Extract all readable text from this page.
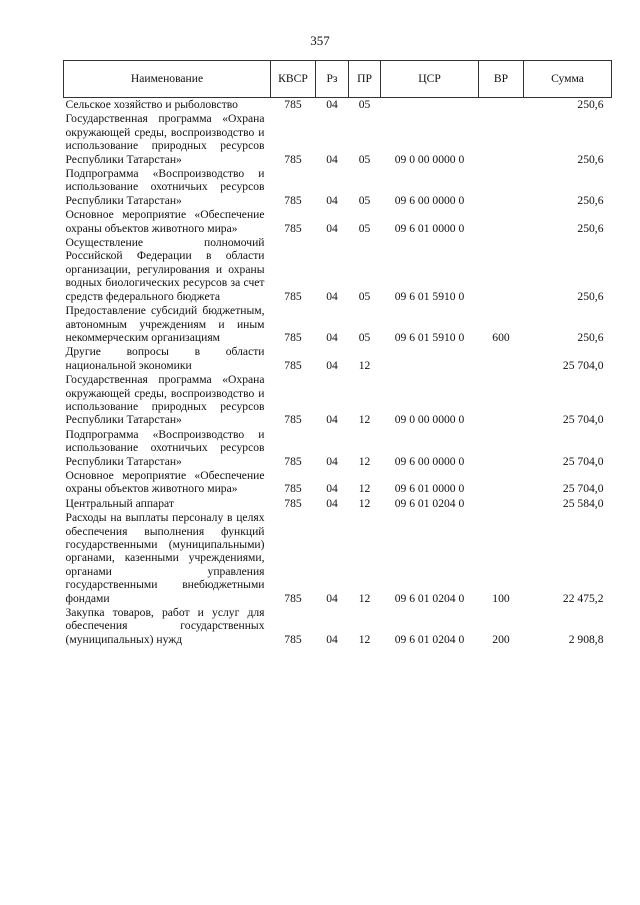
357
Наименование	КВСР	Рз	ПР	ЦСР	ВР	Сумма
Сельское хозяйство и рыболовство	785	04	05			250,6
Государственная программа «Охрана окружающей среды, воспроизводство и использование природных ресурсов Республики Татарстан»	785	04	05	09 0 00 0000 0		250,6
Подпрограмма «Воспроизводство и использование охотничьих ресурсов Республики Татарстан»	785	04	05	09 6 00 0000 0		250,6
Основное мероприятие «Обеспечение охраны объектов животного мира»	785	04	05	09 6 01 0000 0		250,6
Осуществление полномочий Российской Федерации в области организации, регулирования и охраны водных биологических ресурсов за счет средств федерального бюджета	785	04	05	09 6 01 5910 0		250,6
Предоставление субсидий бюджетным, автономным учреждениям и иным некоммерческим организациям	785	04	05	09 6 01 5910 0	600	250,6
Другие вопросы в области национальной экономики	785	04	12			25 704,0
Государственная программа «Охрана окружающей среды, воспроизводство и использование природных ресурсов Республики Татарстан»	785	04	12	09 0 00 0000 0		25 704,0
Подпрограмма «Воспроизводство и использование охотничьих ресурсов Республики Татарстан»	785	04	12	09 6 00 0000 0		25 704,0
Основное мероприятие «Обеспечение охраны объектов животного мира»	785	04	12	09 6 01 0000 0		25 704,0
Центральный аппарат	785	04	12	09 6 01 0204 0		25 584,0
Расходы на выплаты персоналу в целях обеспечения выполнения функций государственными (муниципальными) органами, казенными учреждениями, органами управления государственными внебюджетными фондами	785	04	12	09 6 01 0204 0	100	22 475,2
Закупка товаров, работ и услуг для обеспечения государственных (муниципальных) нужд	785	04	12	09 6 01 0204 0	200	2 908,8
